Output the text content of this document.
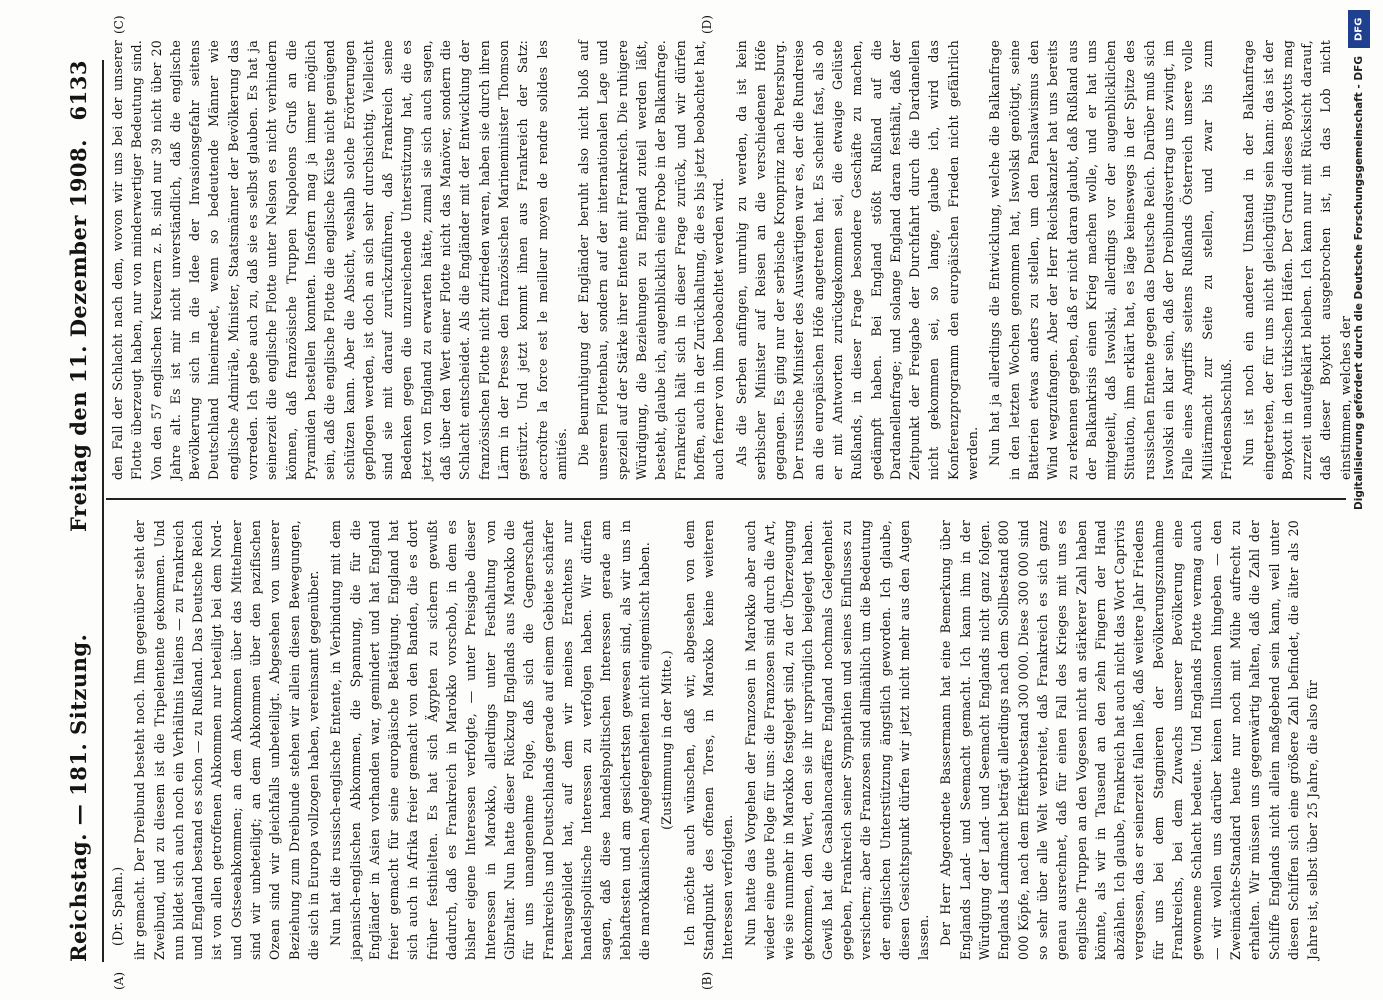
Reichstag. — 181. Sitzung.
Freitag den 11. Dezember 1908.
6133
(A)	(B)
(C)	(D)

(Dr. Spahn.) ihr gemacht. Der Dreibund besteht noch. Ihm gegenüber steht der Zweibund, und zu diesem ist die Tripelentente gekommen. Und nun bildet sich auch noch ein Verhältnis Italiens — zu Frankreich und England bestand es schon — zu Rußland. Das Deutsche Reich ist von allen getroffenen Abkommen nur beteiligt bei dem Nord- und Ostseeabkommen; an dem Abkommen über das Mittelmeer sind wir unbeteiligt; an dem Abkommen über den pazifischen Ozean sind wir gleichfalls unbeteiligt. Abgesehen von unserer Beziehung zum Dreibunde stehen wir allein diesen Bewegungen, die sich in Europa vollzogen haben, vereinsamt gegenüber. Nun hat die russisch-englische Entente, in Verbindung mit dem japanisch-englischen Abkommen, die Spannung, die für die Engländer in Asien vorhanden war, gemindert und hat England freier gemacht für seine europäische Betätigung. England hat sich auch in Afrika freier gemacht von den Banden, die es dort früher festhielten. Es hat sich Ägypten zu sichern gewußt dadurch, daß es Frankreich in Marokko vorschob, in dem es bisher eigene Interessen verfolgte, — unter Preisgabe dieser Interessen in Marokko, allerdings unter Festhaltung von Gibraltar. Nun hatte dieser Rückzug Englands aus Marokko die für uns unangenehme Folge, daß sich die Gegnerschaft Frankreichs und Deutschlands gerade auf einem Gebiete schärfer herausgebildet hat, auf dem wir meines Erachtens nur handelspolitische Interessen zu verfolgen haben. Wir dürfen sagen, daß diese handelspolitischen Interessen gerade am lebhaftesten und am gesichertsten gewesen sind, als wir uns in die marokkanischen Angelegenheiten nicht eingemischt haben. (Zustimmung in der Mitte.) Ich möchte auch wünschen, daß wir, abgesehen von dem Standpunkt des offenen Tores, in Marokko keine weiteren Interessen verfolgten. Nun hatte das Vorgehen der Franzosen in Marokko aber auch wieder eine gute Folge für uns: die Franzosen sind durch die Art, wie sie nunmehr in Marokko festgelegt sind, zu der Überzeugung gekommen, den Wert, den sie ihr ursprünglich beigelegt haben. Gewiß hat die Casablancaaffäre England nochmals Gelegenheit gegeben, Frankreich seiner Sympathien und seines Einflusses zu versichern; aber die Franzosen sind allmählich um die Bedeutung der englischen Unterstützung ängstlich geworden. Ich glaube, diesen Gesichtspunkt dürfen wir jetzt nicht mehr aus den Augen lassen. Der Herr Abgeordnete Bassermann hat eine Bemerkung über Englands Land- und Seemacht gemacht. Ich kann ihm in der Würdigung der Land- und Seemacht Englands nicht ganz folgen. Englands Landmacht beträgt allerdings nach dem Sollbestand 800 000 Köpfe, nach dem Effektivbestand 300 000. Diese 300 000 sind so sehr über alle Welt verbreitet, daß Frankreich es sich ganz genau ausrechnet, daß für einen Fall des Krieges mit uns es englische Truppen an den Vogesen nicht an stärkerer Zahl haben könnte, als wir in Tausend an den zehn Fingern der Hand abzählen. Ich glaube, Frankreich hat auch nicht das Wort Caprivis vergessen, das er seinerzeit fallen ließ, daß weitere Jahr Friedens für uns bei dem Stagnieren der Bevölkerungszunahme Frankreichs, bei dem Zuwachs unserer Bevölkerung eine gewonnene Schlacht bedeute. Und Englands Flotte vermag auch — wir wollen uns darüber keinen Illusionen hingeben — den Zweimächte-Standard heute nur noch mit Mühe aufrecht zu erhalten. Wir müssen uns gegenwärtig halten, daß die Zahl der Schiffe Englands nicht allein maßgebend sein kann, weil unter diesen Schiffen sich eine größere Zahl befindet, die älter als 20 Jahre ist, selbst über 25 Jahre, die also für

den Fall der Schlacht nach dem, wovon wir uns bei der unserer Flotte überzeugt haben, nur von minderwertiger Bedeutung sind. Von den 57 englischen Kreuzern z. B. sind nur 39 nicht über 20 Jahre alt. Es ist mir nicht unverständlich, daß die englische Bevölkerung sich in die Idee der Invasionsgefahr seitens Deutschland hineinredet, wenn so bedeutende Männer wie englische Admiräle, Minister, Staatsmänner der Bevölkerung das vorreden. Ich gebe auch zu, daß sie es selbst glauben. Es hat ja seinerzeit die englische Flotte unter Nelson es nicht verhindern können, daß französische Truppen Napoleons Gruß an die Pyramiden bestellen konnten. Insofern mag ja immer möglich sein, daß die englische Flotte die englische Küste nicht genügend schützen kann. Aber die Absicht, weshalb solche Erörterungen gepflogen werden, ist doch an sich sehr durchsichtig. Vielleicht sind sie mit darauf zurückzuführen, daß Frankreich seine Bedenken gegen die unzureichende Unterstützung hat, die es jetzt von England zu erwarten hätte, zumal sie sich auch sagen, daß über den Wert einer Flotte nicht das Manöver, sondern die Schlacht entscheidet. Als die Engländer mit der Entwicklung der französischen Flotte nicht zufrieden waren, haben sie durch ihren Lärm in der Presse den französischen Marineminister Thomson gestürzt. Und jetzt kommt ihnen aus Frankreich der Satz: accroître la force est le meilleur moyen de rendre solides les amitiés. Die Beunruhigung der Engländer beruht also nicht bloß auf unserem Flottenbau, sondern auf der internationalen Lage und speziell auf der Stärke ihrer Entente mit Frankreich. Die ruhigere Würdigung, die Beziehungen zu England zuteil werden läßt, besteht, glaube ich, augenblicklich eine Probe in der Balkanfrage. Frankreich hält sich in dieser Frage zurück, und wir dürfen hoffen, auch in der Zurückhaltung, die es bis jetzt beobachtet hat, auch ferner von ihm beobachtet werden wird. Als die Serben anfingen, unruhig zu werden, da ist kein serbischer Minister auf Reisen an die verschiedenen Höfe gegangen. Es ging nur der serbische Kronprinz nach Petersburg. Der russische Minister des Auswärtigen war es, der die Rundreise an die europäischen Höfe angetreten hat. Es scheint fast, als ob er mit Antworten zurückgekommen sei, die etwaige Gelüste Rußlands, in dieser Frage besondere Geschäfte zu machen, gedämpft haben. Bei England stößt Rußland auf die Dardanellenfrage; und solange England daran festhält, daß der Zeitpunkt der Freigabe der Durchfahrt durch die Dardanellen nicht gekommen sei, so lange, glaube ich, wird das Konferenzprogramm den europäischen Frieden nicht gefährlich werden. Nun hat ja allerdings die Entwicklung, welche die Balkanfrage in den letzten Wochen genommen hat, Iswolski genötigt, seine Batterien etwas anders zu stellen, um den Panslawismus den Wind wegzufangen. Aber der Herr Reichskanzler hat uns bereits zu erkennen gegeben, daß er nicht daran glaubt, daß Rußland aus der Balkankrisis einen Krieg machen wolle, und er hat uns mitgeteilt, daß Iswolski, allerdings vor der augenblicklichen Situation, ihm erklärt hat, es läge keineswegs in der Spitze des russischen Entente gegen das Deutsche Reich. Darüber muß sich Iswolski ein klar sein, daß der Dreibundsvertrag uns zwingt, im Falle eines Angriffs seitens Rußlands Österreich unsere volle Militärmacht zur Seite zu stellen, und zwar bis zum Friedensabschluß. Nun ist noch ein anderer Umstand in der Balkanfrage eingetreten, der für uns nicht gleichgültig sein kann: das ist der Boykott in den türkischen Häfen. Der Grund dieses Boykotts mag zurzeit unaufgeklärt bleiben. Ich kann nur mit Rücksicht darauf, daß dieser Boykott ausgebrochen ist, in das Lob nicht einstimmen, welches der

DFG
Digitalisierung gefördert durch die Deutsche Forschungsgemeinschaft - DFG
